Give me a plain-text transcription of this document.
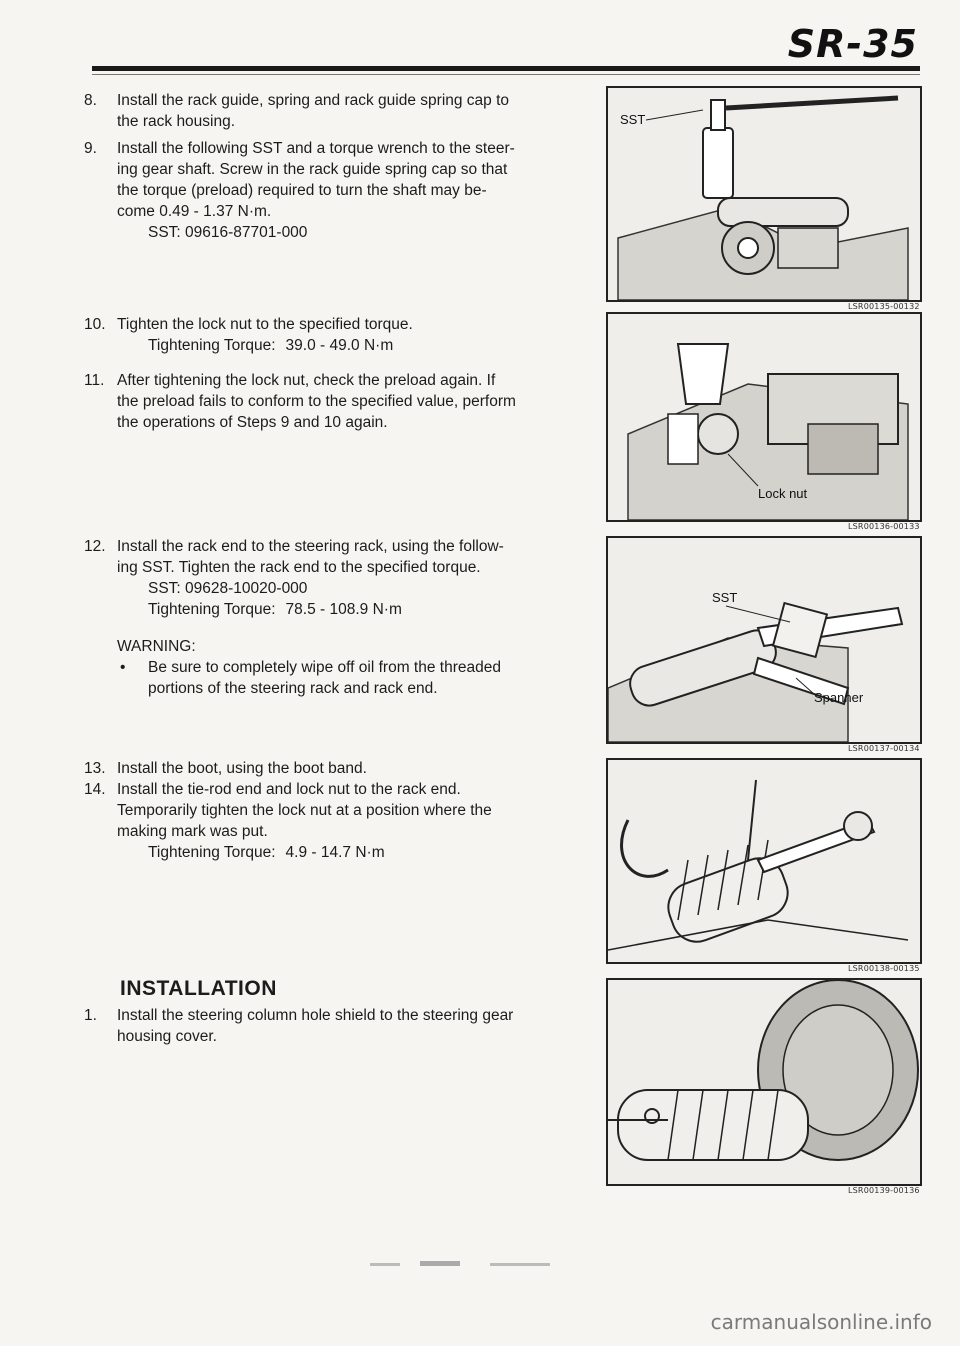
SR-35
8.	Install the rack guide, spring and rack guide spring cap to
the rack housing.
9.	Install the following SST and a torque wrench to the steer-
ing gear shaft. Screw in the rack guide spring cap so that
the torque (preload) required to turn the shaft may be-
come 0.49 - 1.37 N·m.
SST: 09616-87701-000
10. Tighten the lock nut to the specified torque.
Tightening Torque: 39.0 - 49.0 N·m
11. After tightening the lock nut, check the preload again. If
the preload fails to conform to the specified value, perform
the operations of Steps 9 and 10 again.
12. Install the rack end to the steering rack, using the follow-
ing SST. Tighten the rack end to the specified torque.
SST: 09628-10020-000
Tightening Torque: 78.5 - 108.9 N·m
WARNING:
• Be sure to completely wipe off oil from the threaded
portions of the steering rack and rack end.
13. Install the boot, using the boot band.
14. Install the tie-rod end and lock nut to the rack end.
Temporarily tighten the lock nut at a position where the
making mark was put.
Tightening Torque: 4.9 - 14.7 N·m
INSTALLATION
1.	Install the steering column hole shield to the steering gear
housing cover.
SST
LSR00135-00132
Lock nut
LSR00136-00133
SST
Spanner
LSR00137-00134
LSR00138-00135
LSR00139-00136
carmanualsonline.info
